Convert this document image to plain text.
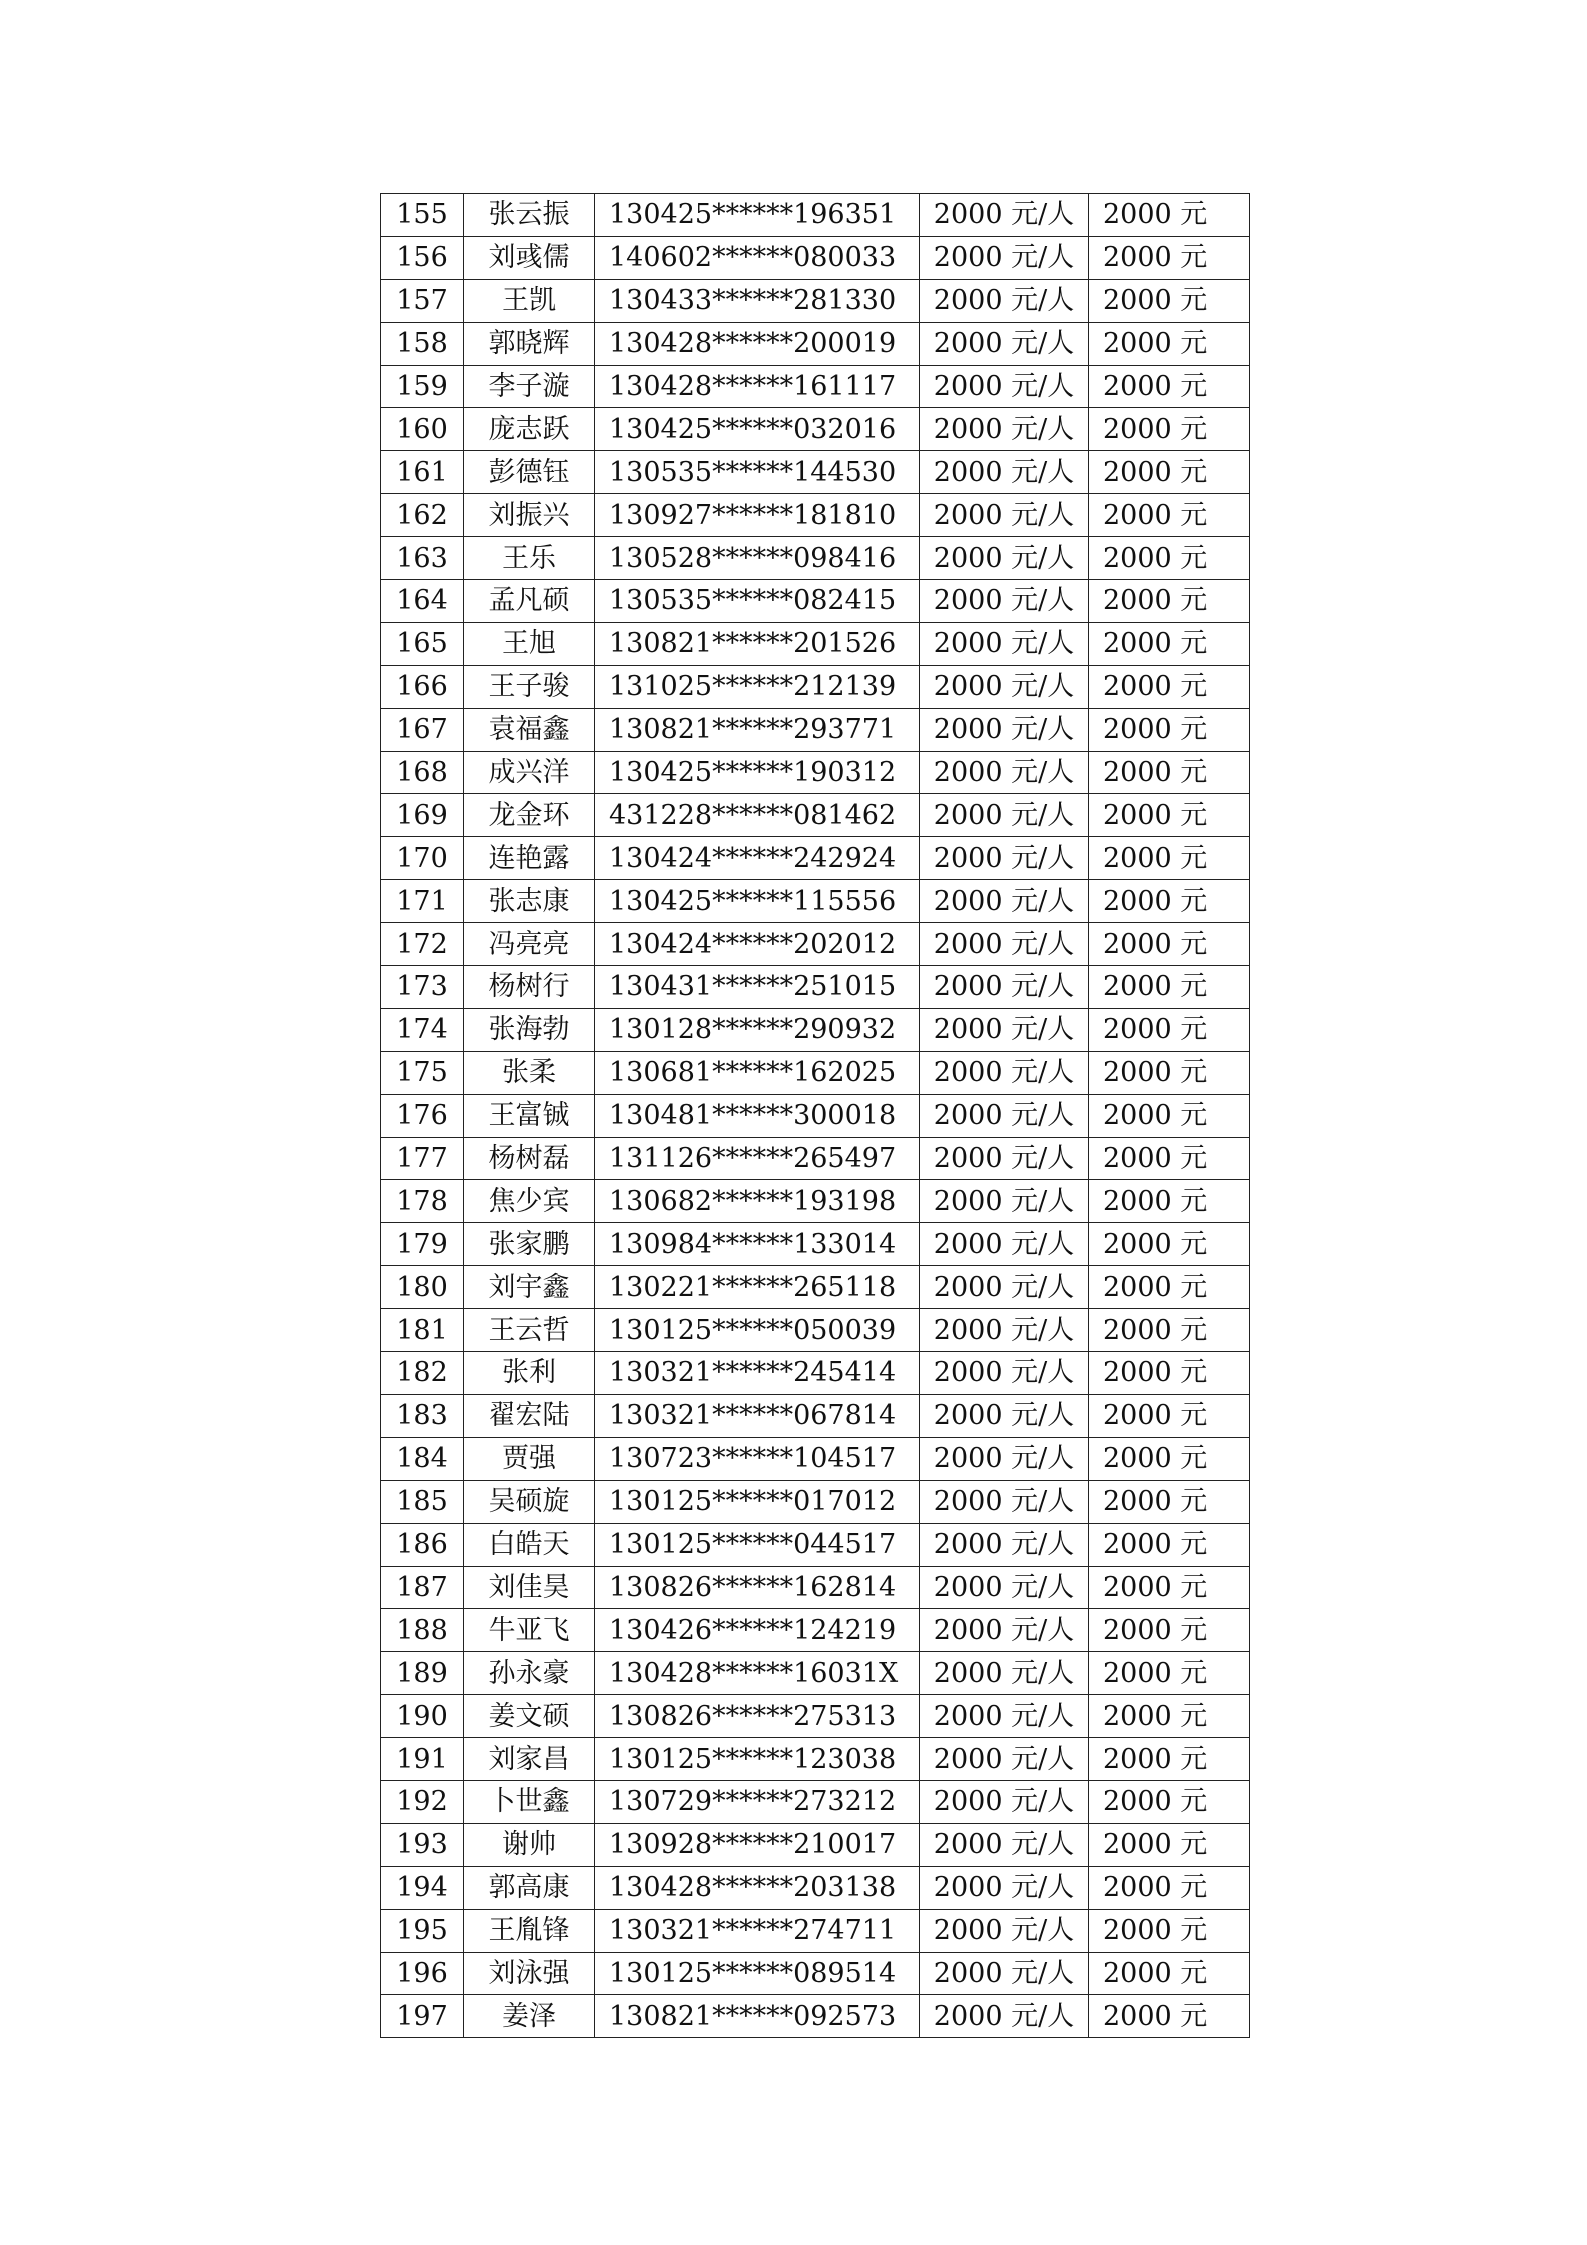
155	张云振	130425******196351	2000 元/人	2000 元
156	刘彧儒	140602******080033	2000 元/人	2000 元
157	王凯	130433******281330	2000 元/人	2000 元
158	郭晓辉	130428******200019	2000 元/人	2000 元
159	李子漩	130428******161117	2000 元/人	2000 元
160	庞志跃	130425******032016	2000 元/人	2000 元
161	彭德钰	130535******144530	2000 元/人	2000 元
162	刘振兴	130927******181810	2000 元/人	2000 元
163	王乐	130528******098416	2000 元/人	2000 元
164	孟凡硕	130535******082415	2000 元/人	2000 元
165	王旭	130821******201526	2000 元/人	2000 元
166	王子骏	131025******212139	2000 元/人	2000 元
167	袁福鑫	130821******293771	2000 元/人	2000 元
168	成兴洋	130425******190312	2000 元/人	2000 元
169	龙金环	431228******081462	2000 元/人	2000 元
170	连艳露	130424******242924	2000 元/人	2000 元
171	张志康	130425******115556	2000 元/人	2000 元
172	冯亮亮	130424******202012	2000 元/人	2000 元
173	杨树行	130431******251015	2000 元/人	2000 元
174	张海勃	130128******290932	2000 元/人	2000 元
175	张柔	130681******162025	2000 元/人	2000 元
176	王富铖	130481******300018	2000 元/人	2000 元
177	杨树磊	131126******265497	2000 元/人	2000 元
178	焦少宾	130682******193198	2000 元/人	2000 元
179	张家鹏	130984******133014	2000 元/人	2000 元
180	刘宇鑫	130221******265118	2000 元/人	2000 元
181	王云哲	130125******050039	2000 元/人	2000 元
182	张利	130321******245414	2000 元/人	2000 元
183	翟宏陆	130321******067814	2000 元/人	2000 元
184	贾强	130723******104517	2000 元/人	2000 元
185	吴硕旋	130125******017012	2000 元/人	2000 元
186	白皓天	130125******044517	2000 元/人	2000 元
187	刘佳昊	130826******162814	2000 元/人	2000 元
188	牛亚飞	130426******124219	2000 元/人	2000 元
189	孙永豪	130428******16031X	2000 元/人	2000 元
190	姜文硕	130826******275313	2000 元/人	2000 元
191	刘家昌	130125******123038	2000 元/人	2000 元
192	卜世鑫	130729******273212	2000 元/人	2000 元
193	谢帅	130928******210017	2000 元/人	2000 元
194	郭高康	130428******203138	2000 元/人	2000 元
195	王胤锋	130321******274711	2000 元/人	2000 元
196	刘泳强	130125******089514	2000 元/人	2000 元
197	姜泽	130821******092573	2000 元/人	2000 元
